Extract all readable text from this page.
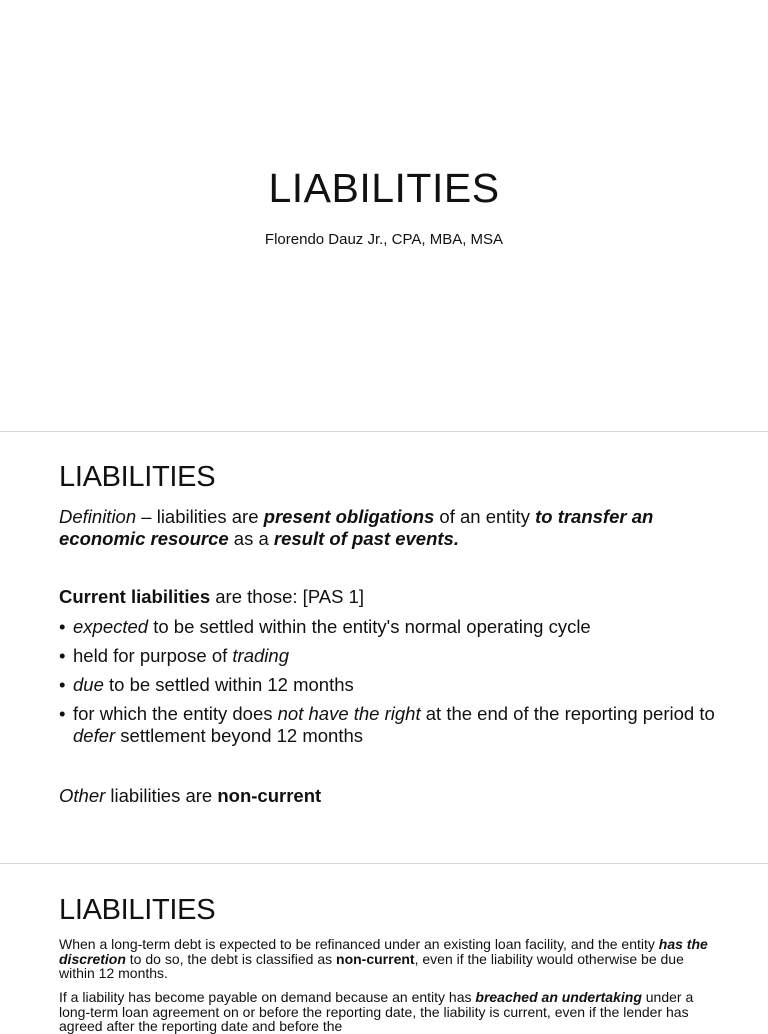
LIABILITIES
Florendo Dauz Jr., CPA, MBA, MSA
LIABILITIES
Definition – liabilities are present obligations of an entity to transfer an economic resource as a result of past events.
Current liabilities are those: [PAS 1]
• expected to be settled within the entity's normal operating cycle
• held for purpose of trading
• due to be settled within 12 months
• for which the entity does not have the right at the end of the reporting period to defer settlement beyond 12 months
Other liabilities are non-current
LIABILITIES
When a long-term debt is expected to be refinanced under an existing loan facility, and the entity has the discretion to do so, the debt is classified as non-current, even if the liability would otherwise be due within 12 months.
If a liability has become payable on demand because an entity has breached an undertaking under a long-term loan agreement on or before the reporting date, the liability is current, even if the lender has agreed after the reporting date and before the
